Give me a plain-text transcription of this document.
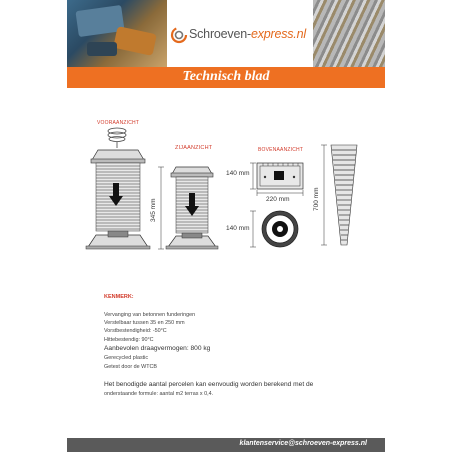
Schroeven-express.nl
Technisch blad
VOORAANZICHT
ZIJAANZICHT	BOVENAANZICHT
140 mm
220 mm
140 mm
345 mm	700 mm
KENMERK:
Vervanging van betonnen funderingen
Verstelbaar tussen 35 en 250 mm
Vorstbestendigheid: -50°C
Hittebestendig: 90°C
Aanbevolen draagvermogen: 800 kg
Gerecycled plastic
Getest door de WTCB
Het benodigde aantal percelen kan eenvoudig worden berekend met de
onderstaande formule: aantal m2 terras x 0,4.
klantenservice@schroeven-express.nl
